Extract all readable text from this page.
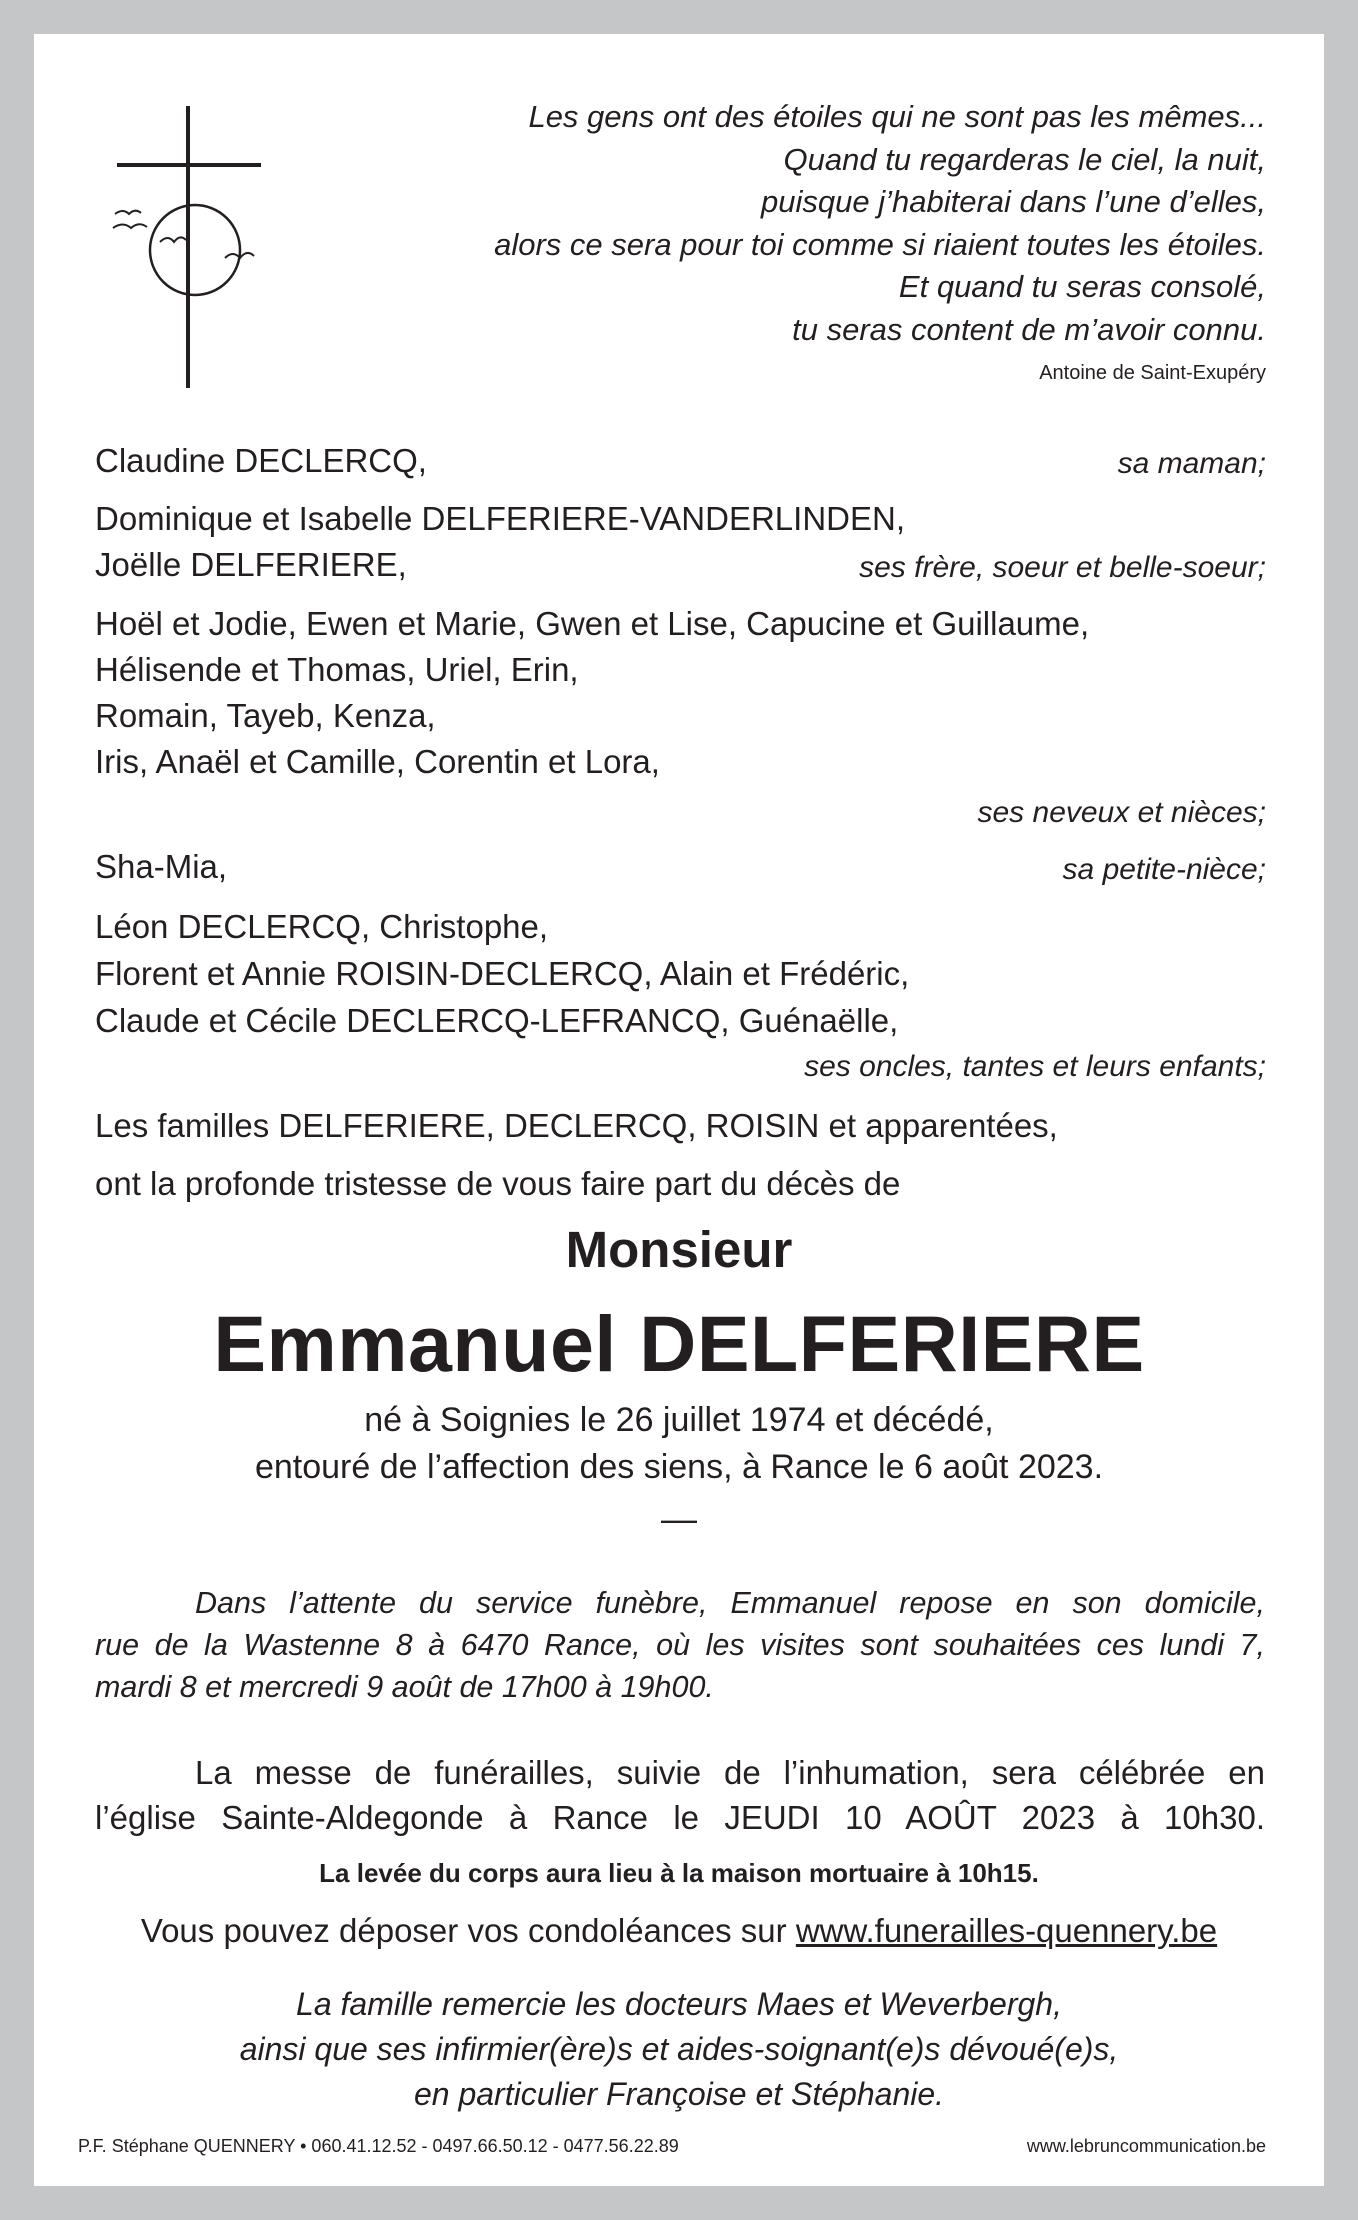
Les gens ont des étoiles qui ne sont pas les mêmes...
Quand tu regarderas le ciel, la nuit,
puisque j’habiterai dans l’une d’elles,
alors ce sera pour toi comme si riaient toutes les étoiles.
Et quand tu seras consolé,
tu seras content de m’avoir connu.
Antoine de Saint-Exupéry
Claudine DECLERCQ,	sa maman;
Dominique et Isabelle DELFERIERE-VANDERLINDEN,
Joëlle DELFERIERE,	ses frère, soeur et belle-soeur;
Hoël et Jodie, Ewen et Marie, Gwen et Lise, Capucine et Guillaume,
Hélisende et Thomas, Uriel, Erin,
Romain, Tayeb, Kenza,
Iris, Anaël et Camille, Corentin et Lora,
ses neveux et nièces;
Sha-Mia,	sa petite-nièce;
Léon DECLERCQ, Christophe,
Florent et Annie ROISIN-DECLERCQ, Alain et Frédéric,
Claude et Cécile DECLERCQ-LEFRANCQ, Guénaëlle,
ses oncles, tantes et leurs enfants;
Les familles DELFERIERE, DECLERCQ, ROISIN et apparentées,
ont la profonde tristesse de vous faire part du décès de
Monsieur
Emmanuel DELFERIERE
né à Soignies le 26 juillet 1974 et décédé,
entouré de l’affection des siens, à Rance le 6 août 2023.
—
Dans l’attente du service funèbre, Emmanuel repose en son domicile,
rue de la Wastenne 8 à 6470 Rance, où les visites sont souhaitées ces lundi 7,
mardi 8 et mercredi 9 août de 17h00 à 19h00.
La messe de funérailles, suivie de l’inhumation, sera célébrée en
l’église Sainte-Aldegonde à Rance le JEUDI 10 AOÛT 2023 à 10h30.
La levée du corps aura lieu à la maison mortuaire à 10h15.
Vous pouvez déposer vos condoléances sur www.funerailles-quennery.be
La famille remercie les docteurs Maes et Weverbergh,
ainsi que ses infirmier(ère)s et aides-soignant(e)s dévoué(e)s,
en particulier Françoise et Stéphanie.
P.F. Stéphane QUENNERY • 060.41.12.52 - 0497.66.50.12 - 0477.56.22.89	www.lebruncommunication.be
